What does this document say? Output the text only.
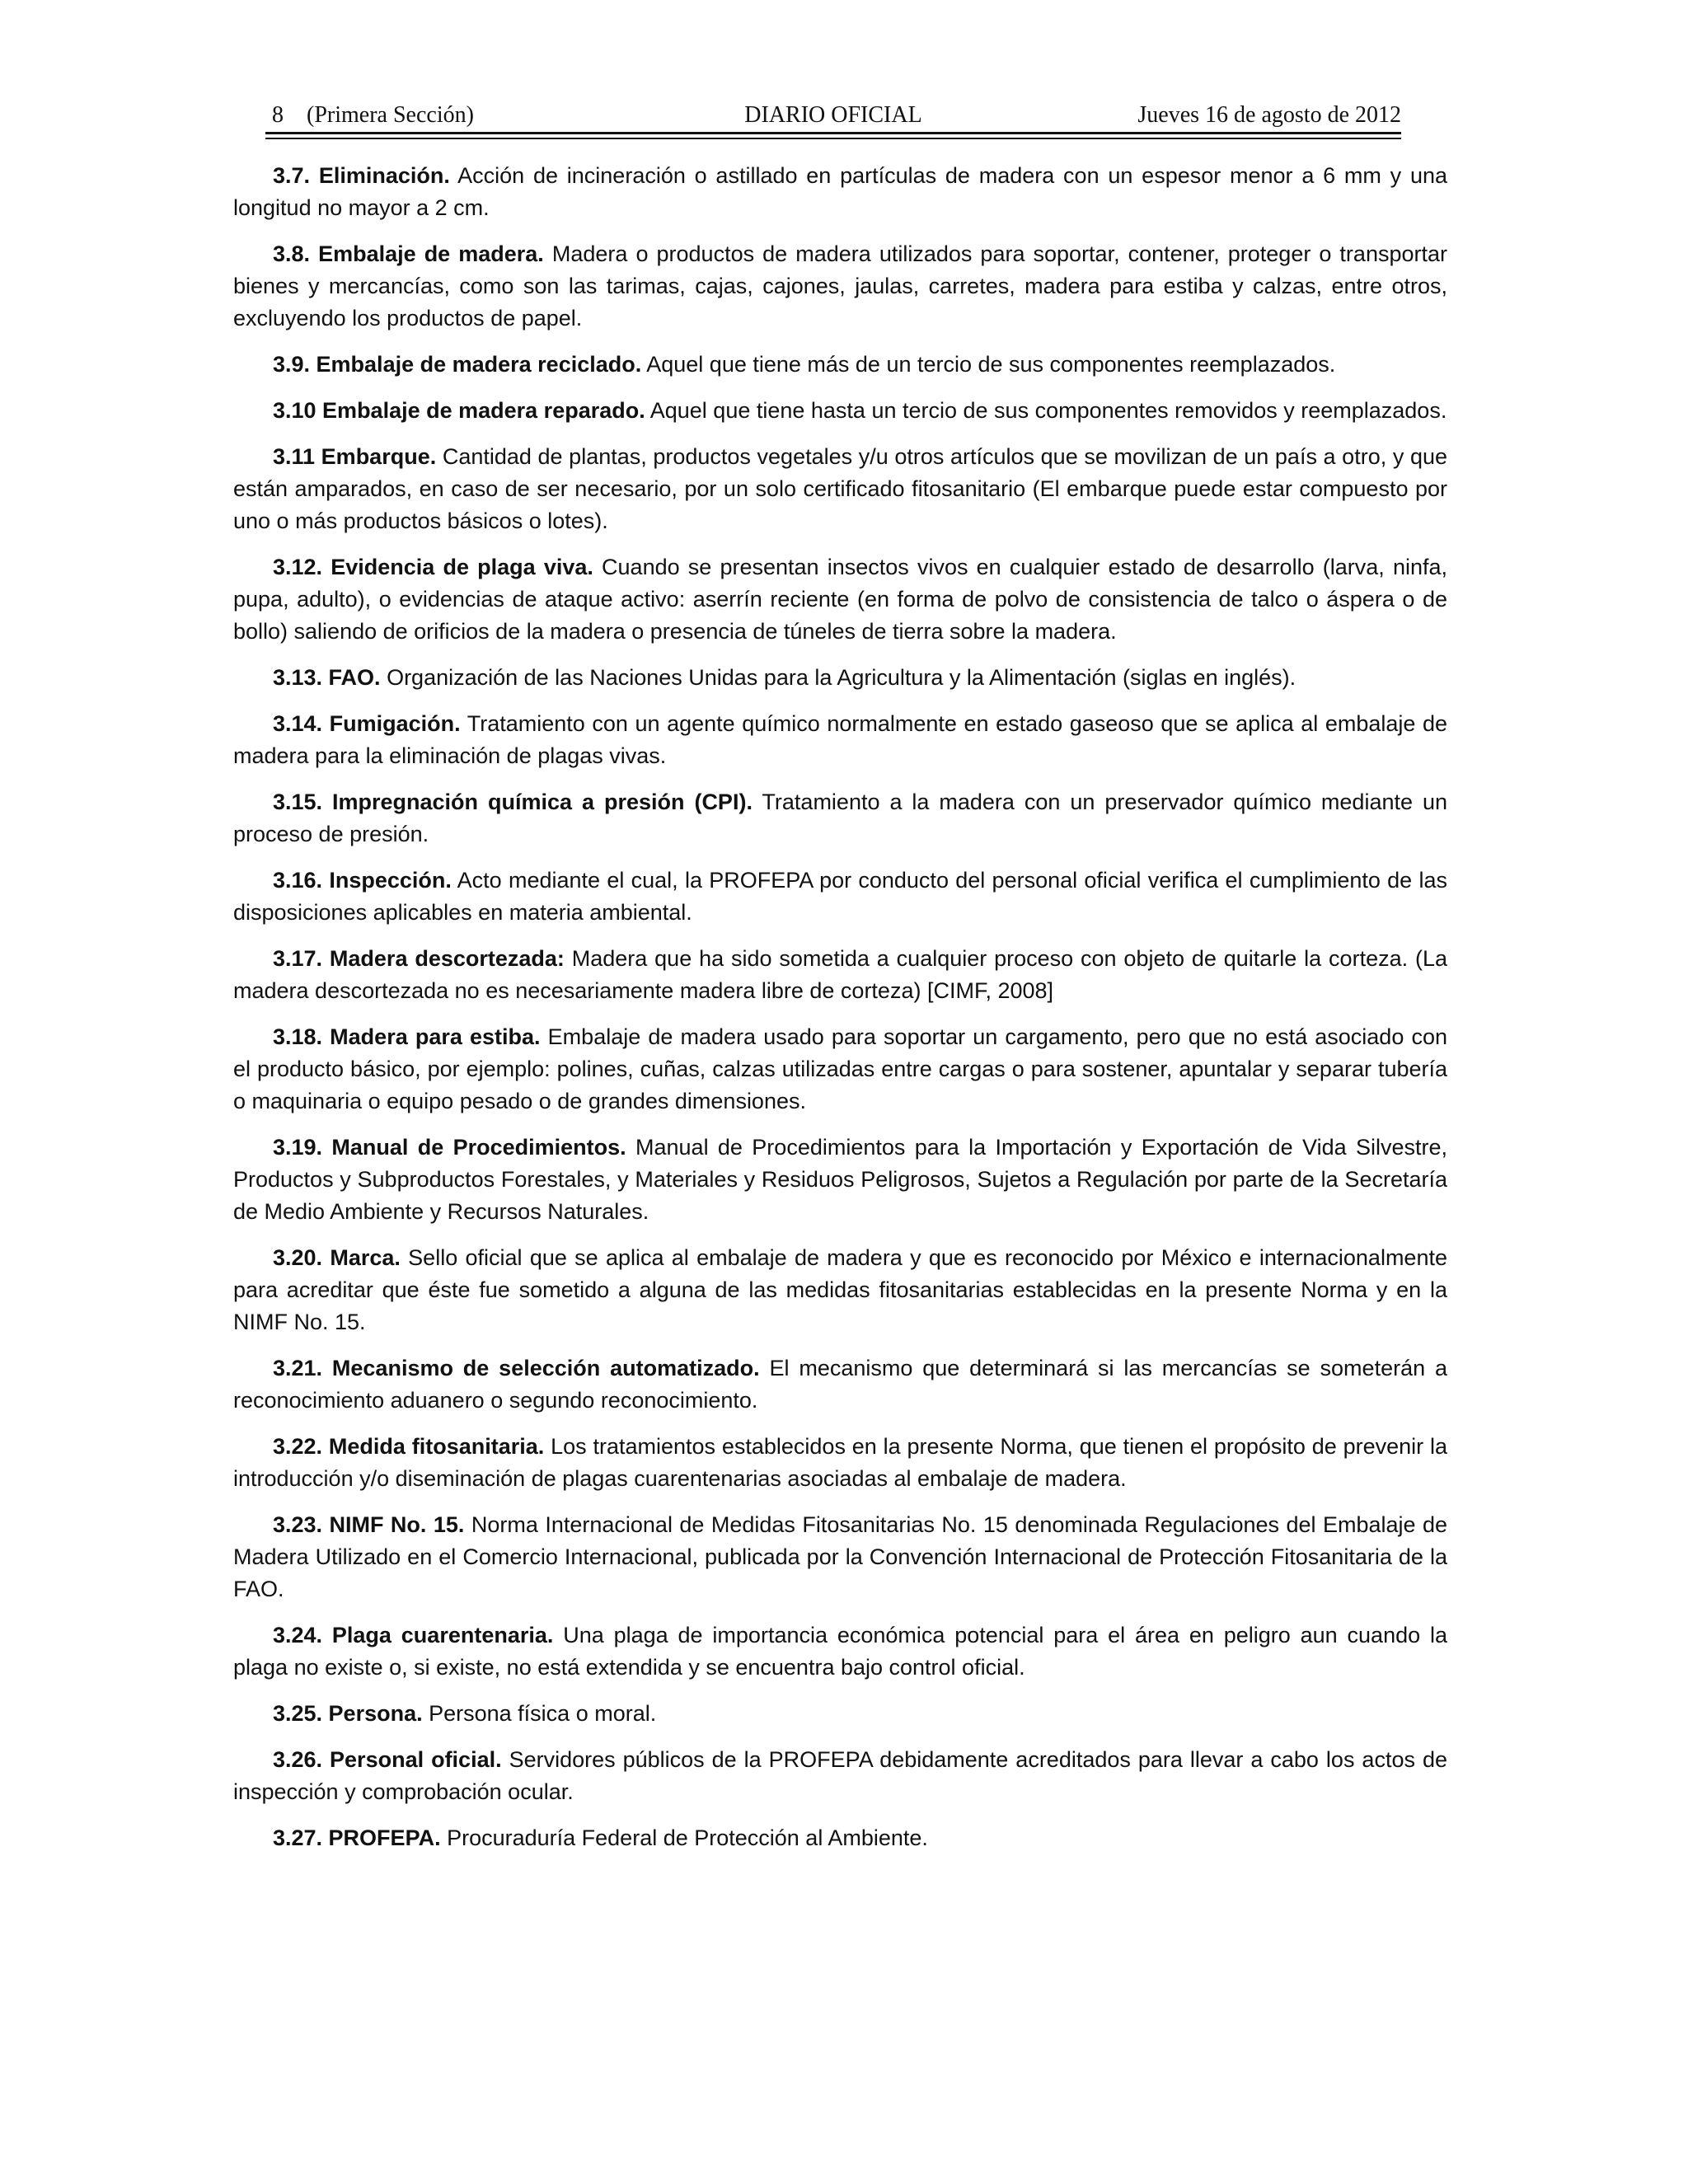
8 (Primera Sección)	DIARIO OFICIAL	Jueves 16 de agosto de 2012

3.7. Eliminación. Acción de incineración o astillado en partículas de madera con un espesor menor a 6 mm y una longitud no mayor a 2 cm.

3.8. Embalaje de madera. Madera o productos de madera utilizados para soportar, contener, proteger o transportar bienes y mercancías, como son las tarimas, cajas, cajones, jaulas, carretes, madera para estiba y calzas, entre otros, excluyendo los productos de papel.

3.9. Embalaje de madera reciclado. Aquel que tiene más de un tercio de sus componentes reemplazados.

3.10 Embalaje de madera reparado. Aquel que tiene hasta un tercio de sus componentes removidos y reemplazados.

3.11 Embarque. Cantidad de plantas, productos vegetales y/u otros artículos que se movilizan de un país a otro, y que están amparados, en caso de ser necesario, por un solo certificado fitosanitario (El embarque puede estar compuesto por uno o más productos básicos o lotes).

3.12. Evidencia de plaga viva. Cuando se presentan insectos vivos en cualquier estado de desarrollo (larva, ninfa, pupa, adulto), o evidencias de ataque activo: aserrín reciente (en forma de polvo de consistencia de talco o áspera o de bollo) saliendo de orificios de la madera o presencia de túneles de tierra sobre la madera.

3.13. FAO. Organización de las Naciones Unidas para la Agricultura y la Alimentación (siglas en inglés).

3.14. Fumigación. Tratamiento con un agente químico normalmente en estado gaseoso que se aplica al embalaje de madera para la eliminación de plagas vivas.

3.15. Impregnación química a presión (CPI). Tratamiento a la madera con un preservador químico mediante un proceso de presión.

3.16. Inspección. Acto mediante el cual, la PROFEPA por conducto del personal oficial verifica el cumplimiento de las disposiciones aplicables en materia ambiental.

3.17. Madera descortezada: Madera que ha sido sometida a cualquier proceso con objeto de quitarle la corteza. (La madera descortezada no es necesariamente madera libre de corteza) [CIMF, 2008]

3.18. Madera para estiba. Embalaje de madera usado para soportar un cargamento, pero que no está asociado con el producto básico, por ejemplo: polines, cuñas, calzas utilizadas entre cargas o para sostener, apuntalar y separar tubería o maquinaria o equipo pesado o de grandes dimensiones.

3.19. Manual de Procedimientos. Manual de Procedimientos para la Importación y Exportación de Vida Silvestre, Productos y Subproductos Forestales, y Materiales y Residuos Peligrosos, Sujetos a Regulación por parte de la Secretaría de Medio Ambiente y Recursos Naturales.

3.20. Marca. Sello oficial que se aplica al embalaje de madera y que es reconocido por México e internacionalmente para acreditar que éste fue sometido a alguna de las medidas fitosanitarias establecidas en la presente Norma y en la NIMF No. 15.

3.21. Mecanismo de selección automatizado. El mecanismo que determinará si las mercancías se someterán a reconocimiento aduanero o segundo reconocimiento.

3.22. Medida fitosanitaria. Los tratamientos establecidos en la presente Norma, que tienen el propósito de prevenir la introducción y/o diseminación de plagas cuarentenarias asociadas al embalaje de madera.

3.23. NIMF No. 15. Norma Internacional de Medidas Fitosanitarias No. 15 denominada Regulaciones del Embalaje de Madera Utilizado en el Comercio Internacional, publicada por la Convención Internacional de Protección Fitosanitaria de la FAO.

3.24. Plaga cuarentenaria. Una plaga de importancia económica potencial para el área en peligro aun cuando la plaga no existe o, si existe, no está extendida y se encuentra bajo control oficial.

3.25. Persona. Persona física o moral.

3.26. Personal oficial. Servidores públicos de la PROFEPA debidamente acreditados para llevar a cabo los actos de inspección y comprobación ocular.

3.27. PROFEPA. Procuraduría Federal de Protección al Ambiente.
